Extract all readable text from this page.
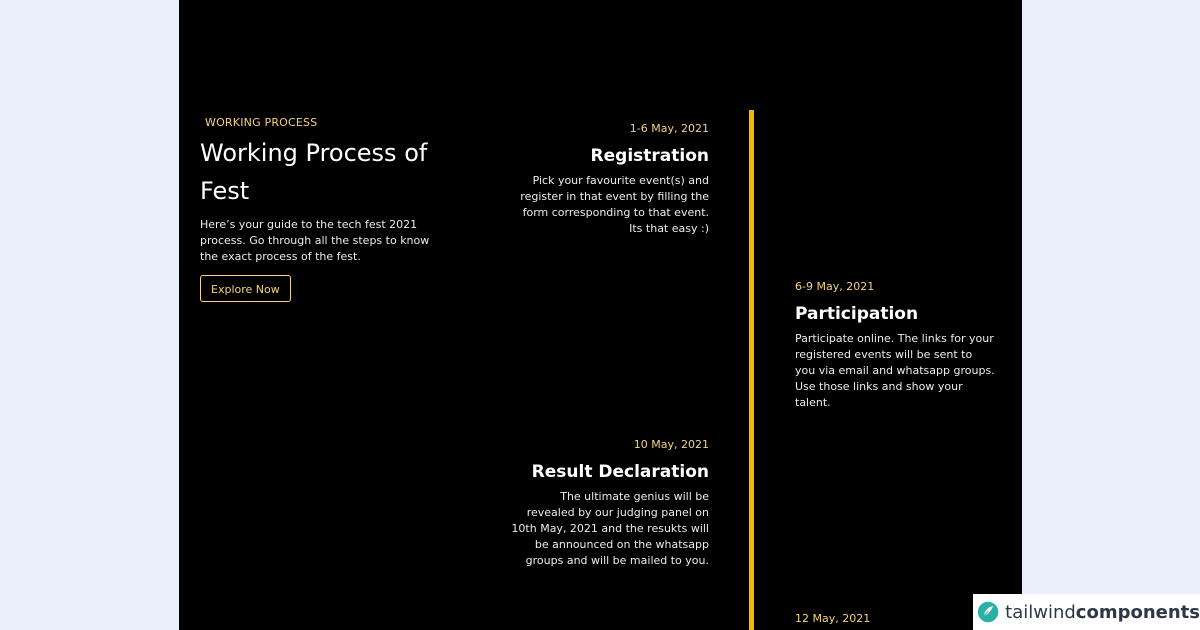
WORKING PROCESS
Working Process of Fest
Here’s your guide to the tech fest 2021 process. Go through all the steps to know the exact process of the fest.
Explore Now
1-6 May, 2021
Registration
Pick your favourite event(s) and register in that event by filling the form corresponding to that event. Its that easy :)
6-9 May, 2021
Participation
Participate online. The links for your registered events will be sent to you via email and whatsapp groups. Use those links and show your talent.
10 May, 2021
Result Declaration
The ultimate genius will be revealed by our judging panel on 10th May, 2021 and the resukts will be announced on the whatsapp groups and will be mailed to you.
12 May, 2021	tailwindcomponents
